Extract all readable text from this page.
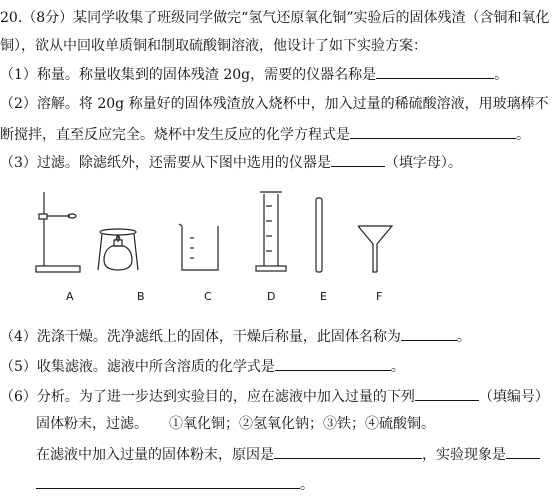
20.（8分）某同学收集了班级同学做完“氢气还原氧化铜”实验后的固体残渣（含铜和氧化
铜），欲从中回收单质铜和制取硫酸铜溶液，他设计了如下实验方案：
（1）称量。称量收集到的固体残渣 20g，需要的仪器名称是	。
（2）溶解。将 20g 称量好的固体残渣放入烧杯中，加入过量的稀硫酸溶液，用玻璃棒不
断搅拌，直至反应完全。烧杯中发生反应的化学方程式是	。
（3）过滤。除滤纸外，还需要从下图中选用的仪器是	（填字母）。
A	B	C	D	E	F
（4）洗涤干燥。洗净滤纸上的固体，干燥后称量，此固体名称为	。
（5）收集滤液。滤液中所含溶质的化学式是	。
（6）分析。为了进一步达到实验目的，应在滤液中加入过量的下列	（填编号）
固体粉末，过滤。　　①氧化铜；②氢氧化钠；③铁；④硫酸铜。
在滤液中加入过量的固体粉末，原因是	，实验现象是
。
